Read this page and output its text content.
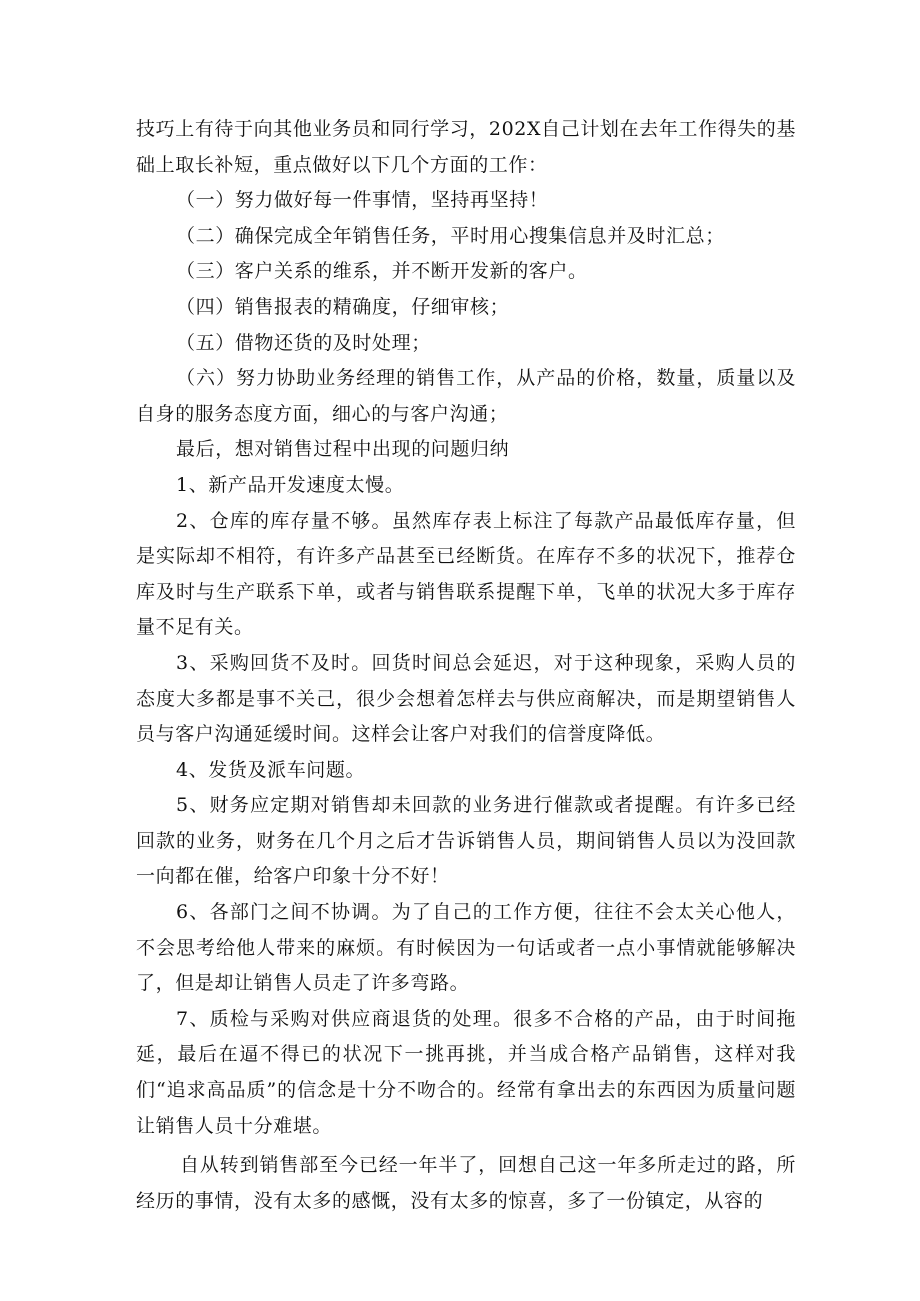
技巧上有待于向其他业务员和同行学习，202X自己计划在去年工作得失的基础上取长补短，重点做好以下几个方面的工作：

（一）努力做好每一件事情，坚持再坚持！

（二）确保完成全年销售任务，平时用心搜集信息并及时汇总；

（三）客户关系的维系，并不断开发新的客户。

（四）销售报表的精确度，仔细审核；

（五）借物还货的及时处理；

（六）努力协助业务经理的销售工作，从产品的价格，数量，质量以及自身的服务态度方面，细心的与客户沟通；

最后，想对销售过程中出现的问题归纳

1、新产品开发速度太慢。

2、仓库的库存量不够。虽然库存表上标注了每款产品最低库存量，但是实际却不相符，有许多产品甚至已经断货。在库存不多的状况下，推荐仓库及时与生产联系下单，或者与销售联系提醒下单，飞单的状况大多于库存量不足有关。

3、采购回货不及时。回货时间总会延迟，对于这种现象，采购人员的态度大多都是事不关己，很少会想着怎样去与供应商解决，而是期望销售人员与客户沟通延缓时间。这样会让客户对我们的信誉度降低。

4、发货及派车问题。

5、财务应定期对销售却未回款的业务进行催款或者提醒。有许多已经回款的业务，财务在几个月之后才告诉销售人员，期间销售人员以为没回款一向都在催，给客户印象十分不好！

6、各部门之间不协调。为了自己的工作方便，往往不会太关心他人，不会思考给他人带来的麻烦。有时候因为一句话或者一点小事情就能够解决了，但是却让销售人员走了许多弯路。

7、质检与采购对供应商退货的处理。很多不合格的产品，由于时间拖延，最后在逼不得已的状况下一挑再挑，并当成合格产品销售，这样对我们“追求高品质”的信念是十分不吻合的。经常有拿出去的东西因为质量问题让销售人员十分难堪。

自从转到销售部至今已经一年半了，回想自己这一年多所走过的路，所经历的事情，没有太多的感慨，没有太多的惊喜，多了一份镇定，从容的
